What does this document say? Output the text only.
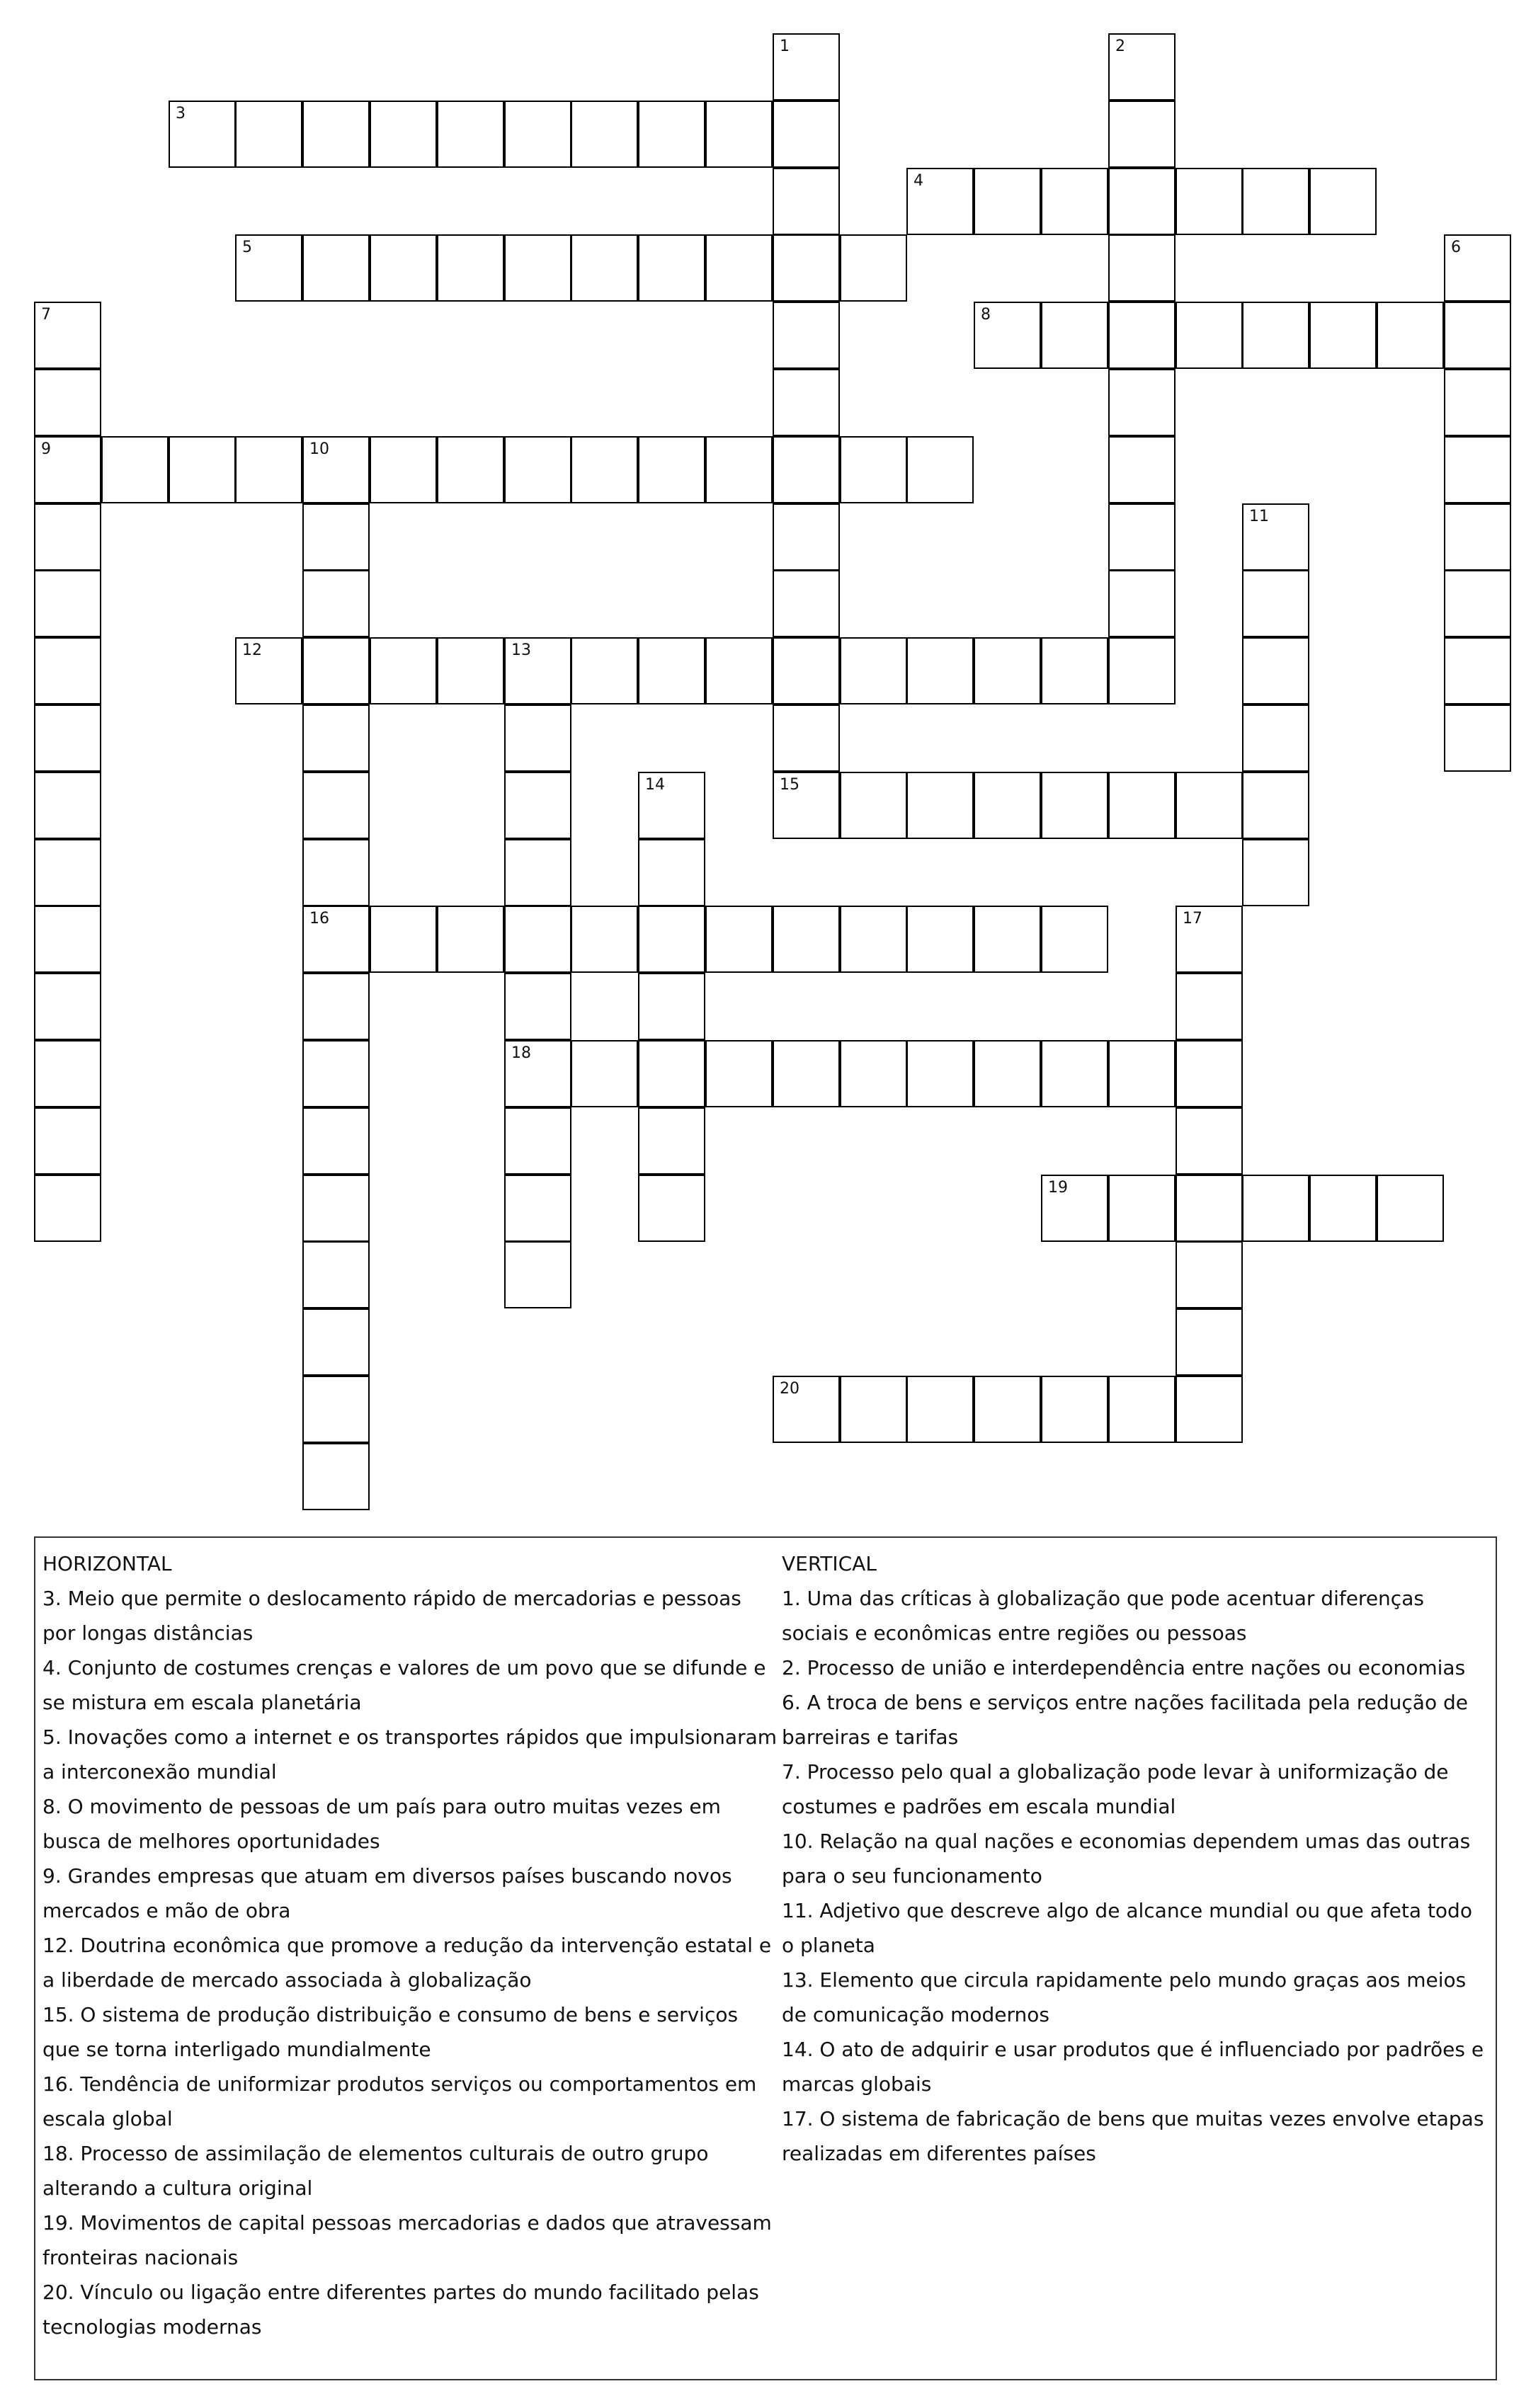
1	2
3
4
5	6
7
9
8
10
16
11
12	13
18
14	15
17
19
20

HORIZONTAL

3. Meio que permite o deslocamento rápido de mercadorias e pessoas por longas distâncias

4. Conjunto de costumes crenças e valores de um povo que se difunde e se mistura em escala planetária

5. Inovações como a internet e os transportes rápidos que impulsionaram a interconexão mundial

8. O movimento de pessoas de um país para outro muitas vezes em busca de melhores oportunidades

9. Grandes empresas que atuam em diversos países buscando novos mercados e mão de obra

12. Doutrina econômica que promove a redução da intervenção estatal e a liberdade de mercado associada à globalização

15. O sistema de produção distribuição e consumo de bens e serviços que se torna interligado mundialmente

16. Tendência de uniformizar produtos serviços ou comportamentos em escala global

18. Processo de assimilação de elementos culturais de outro grupo alterando a cultura original

19. Movimentos de capital pessoas mercadorias e dados que atravessam fronteiras nacionais

20. Vínculo ou ligação entre diferentes partes do mundo facilitado pelas tecnologias modernas

VERTICAL

1. Uma das críticas à globalização que pode acentuar diferenças sociais e econômicas entre regiões ou pessoas

2. Processo de união e interdependência entre nações ou economias

6. A troca de bens e serviços entre nações facilitada pela redução de barreiras e tarifas

7. Processo pelo qual a globalização pode levar à uniformização de costumes e padrões em escala mundial

10. Relação na qual nações e economias dependem umas das outras para o seu funcionamento

11. Adjetivo que descreve algo de alcance mundial ou que afeta todo o planeta

13. Elemento que circula rapidamente pelo mundo graças aos meios de comunicação modernos

14. O ato de adquirir e usar produtos que é influenciado por padrões e marcas globais

17. O sistema de fabricação de bens que muitas vezes envolve etapas realizadas em diferentes países
